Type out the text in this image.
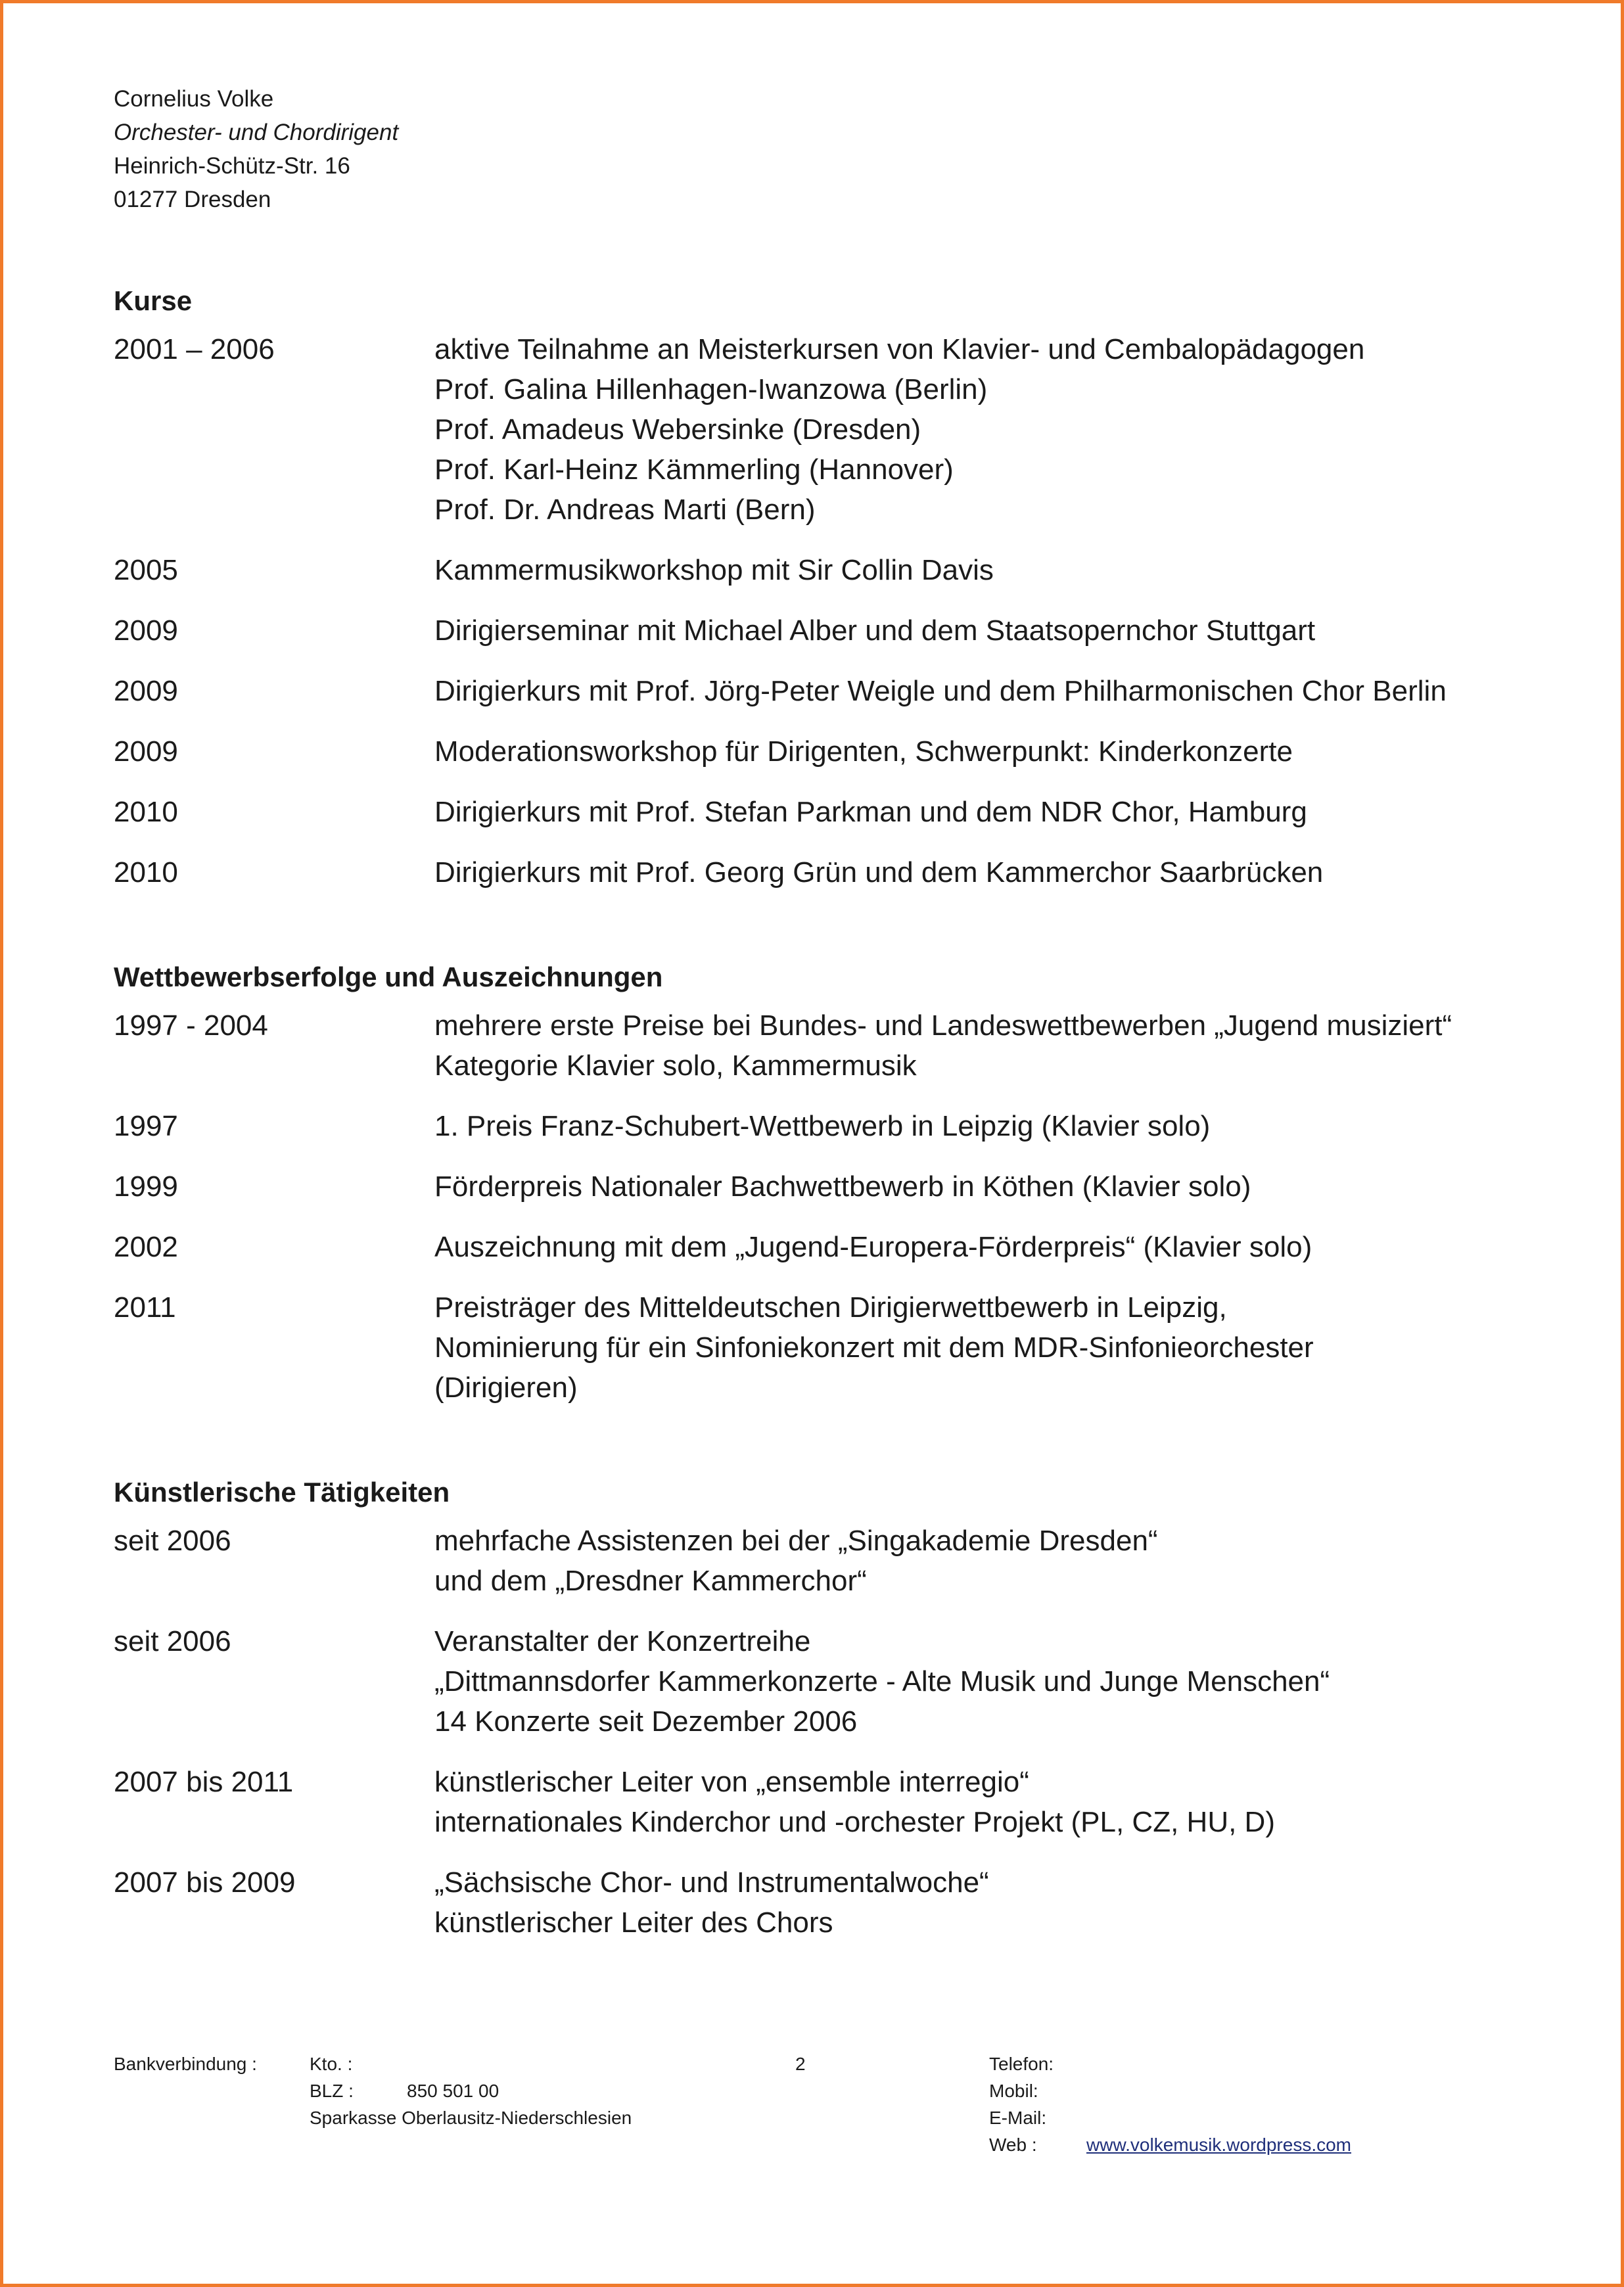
Cornelius Volke
Orchester- und Chordirigent
Heinrich-Schütz-Str. 16
01277 Dresden
Kurse
2001 – 2006	aktive Teilnahme an Meisterkursen von Klavier- und Cembalopädagogen
Prof. Galina Hillenhagen-Iwanzowa (Berlin)
Prof. Amadeus Webersinke (Dresden)
Prof. Karl-Heinz Kämmerling (Hannover)
Prof. Dr. Andreas Marti (Bern)
2005	Kammermusikworkshop mit Sir Collin Davis
2009	Dirigierseminar mit Michael Alber und dem Staatsopernchor Stuttgart
2009	Dirigierkurs mit Prof. Jörg-Peter Weigle und dem Philharmonischen Chor Berlin
2009	Moderationsworkshop für Dirigenten, Schwerpunkt: Kinderkonzerte
2010	Dirigierkurs mit Prof. Stefan Parkman und dem NDR Chor, Hamburg
2010	Dirigierkurs mit Prof. Georg Grün und dem Kammerchor Saarbrücken
Wettbewerbserfolge und Auszeichnungen
1997 - 2004	mehrere erste Preise bei Bundes- und Landeswettbewerben „Jugend musiziert“
Kategorie Klavier solo, Kammermusik
1997	1. Preis Franz-Schubert-Wettbewerb in Leipzig (Klavier solo)
1999	Förderpreis Nationaler Bachwettbewerb in Köthen (Klavier solo)
2002	Auszeichnung mit dem „Jugend-Europera-Förderpreis“ (Klavier solo)
2011	Preisträger des Mitteldeutschen Dirigierwettbewerb in Leipzig,
Nominierung für ein Sinfoniekonzert mit dem MDR-Sinfonieorchester
(Dirigieren)
Künstlerische Tätigkeiten
seit 2006	mehrfache Assistenzen bei der „Singakademie Dresden“
und dem „Dresdner Kammerchor“
seit 2006	Veranstalter der Konzertreihe
„Dittmannsdorfer Kammerkonzerte - Alte Musik und Junge Menschen“
14 Konzerte seit Dezember 2006
2007 bis 2011	künstlerischer Leiter von „ensemble interregio“
internationales Kinderchor und -orchester Projekt (PL, CZ, HU, D)
2007 bis 2009	„Sächsische Chor- und Instrumentalwoche“
künstlerischer Leiter des Chors
Bankverbindung :	Kto. :
BLZ :	850 501 00
Sparkasse Oberlausitz-Niederschlesien
2	Telefon:
Mobil:
E-Mail:
Web :	www.volkemusik.wordpress.com
